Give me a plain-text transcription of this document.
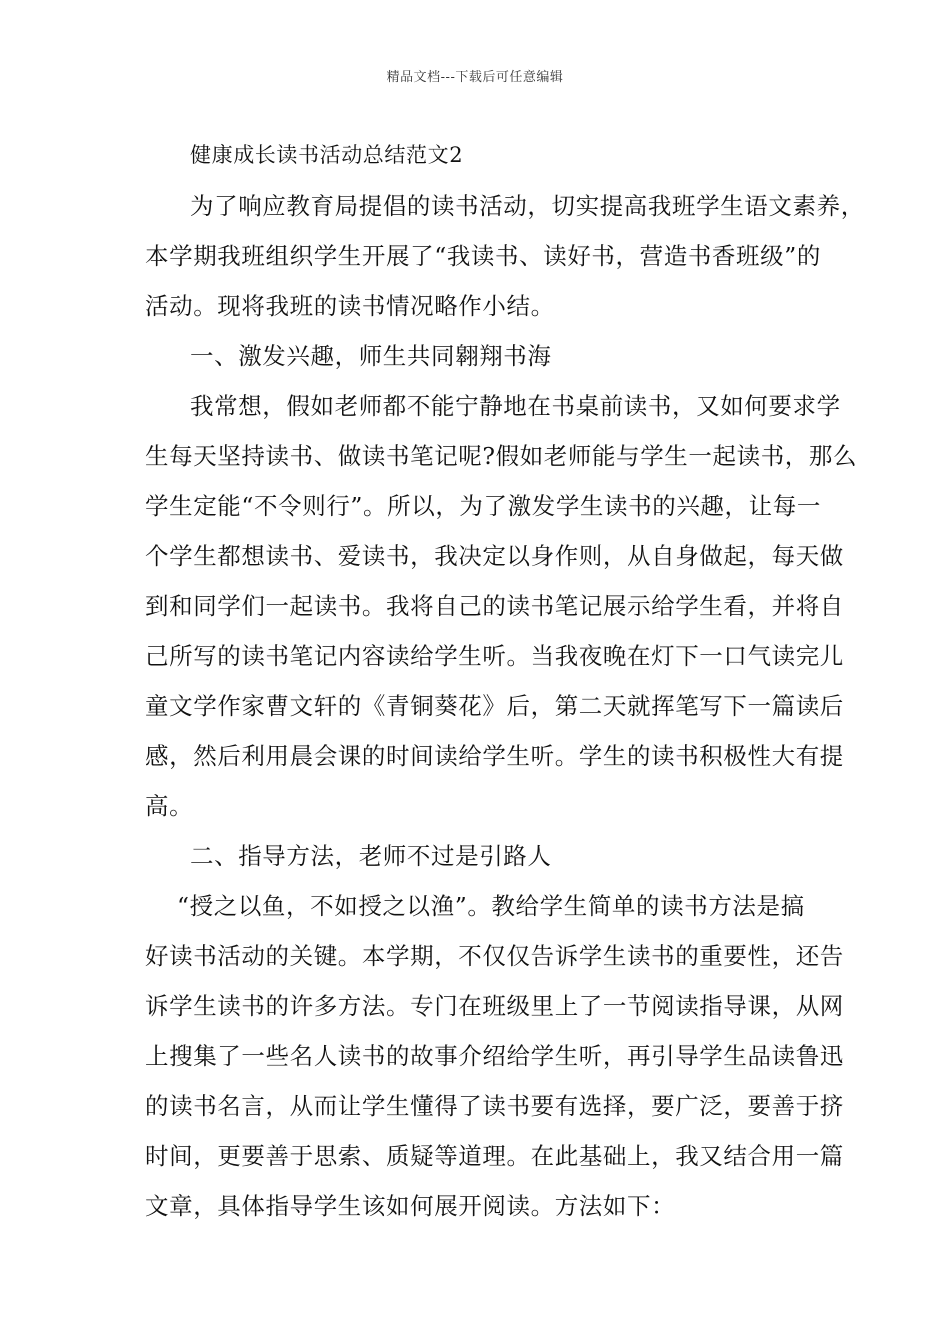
精品文档---下载后可任意编辑
健康成长读书活动总结范文2
为了响应教育局提倡的读书活动，切实提高我班学生语文素养，
本学期我班组织学生开展了“我读书、读好书，营造书香班级”的
活动。现将我班的读书情况略作小结。
一、激发兴趣，师生共同翱翔书海
我常想，假如老师都不能宁静地在书桌前读书，又如何要求学
生每天坚持读书、做读书笔记呢?假如老师能与学生一起读书，那么
学生定能“不令则行”。所以，为了激发学生读书的兴趣，让每一
个学生都想读书、爱读书，我决定以身作则，从自身做起，每天做
到和同学们一起读书。我将自己的读书笔记展示给学生看，并将自
己所写的读书笔记内容读给学生听。当我夜晚在灯下一口气读完儿
童文学作家曹文轩的《青铜葵花》后，第二天就挥笔写下一篇读后
感，然后利用晨会课的时间读给学生听。学生的读书积极性大有提
高。
二、指导方法，老师不过是引路人
“授之以鱼，不如授之以渔”。教给学生简单的读书方法是搞
好读书活动的关键。本学期，不仅仅告诉学生读书的重要性，还告
诉学生读书的许多方法。专门在班级里上了一节阅读指导课，从网
上搜集了一些名人读书的故事介绍给学生听，再引导学生品读鲁迅
的读书名言，从而让学生懂得了读书要有选择，要广泛，要善于挤
时间，更要善于思索、质疑等道理。在此基础上，我又结合用一篇
文章，具体指导学生该如何展开阅读。方法如下：
